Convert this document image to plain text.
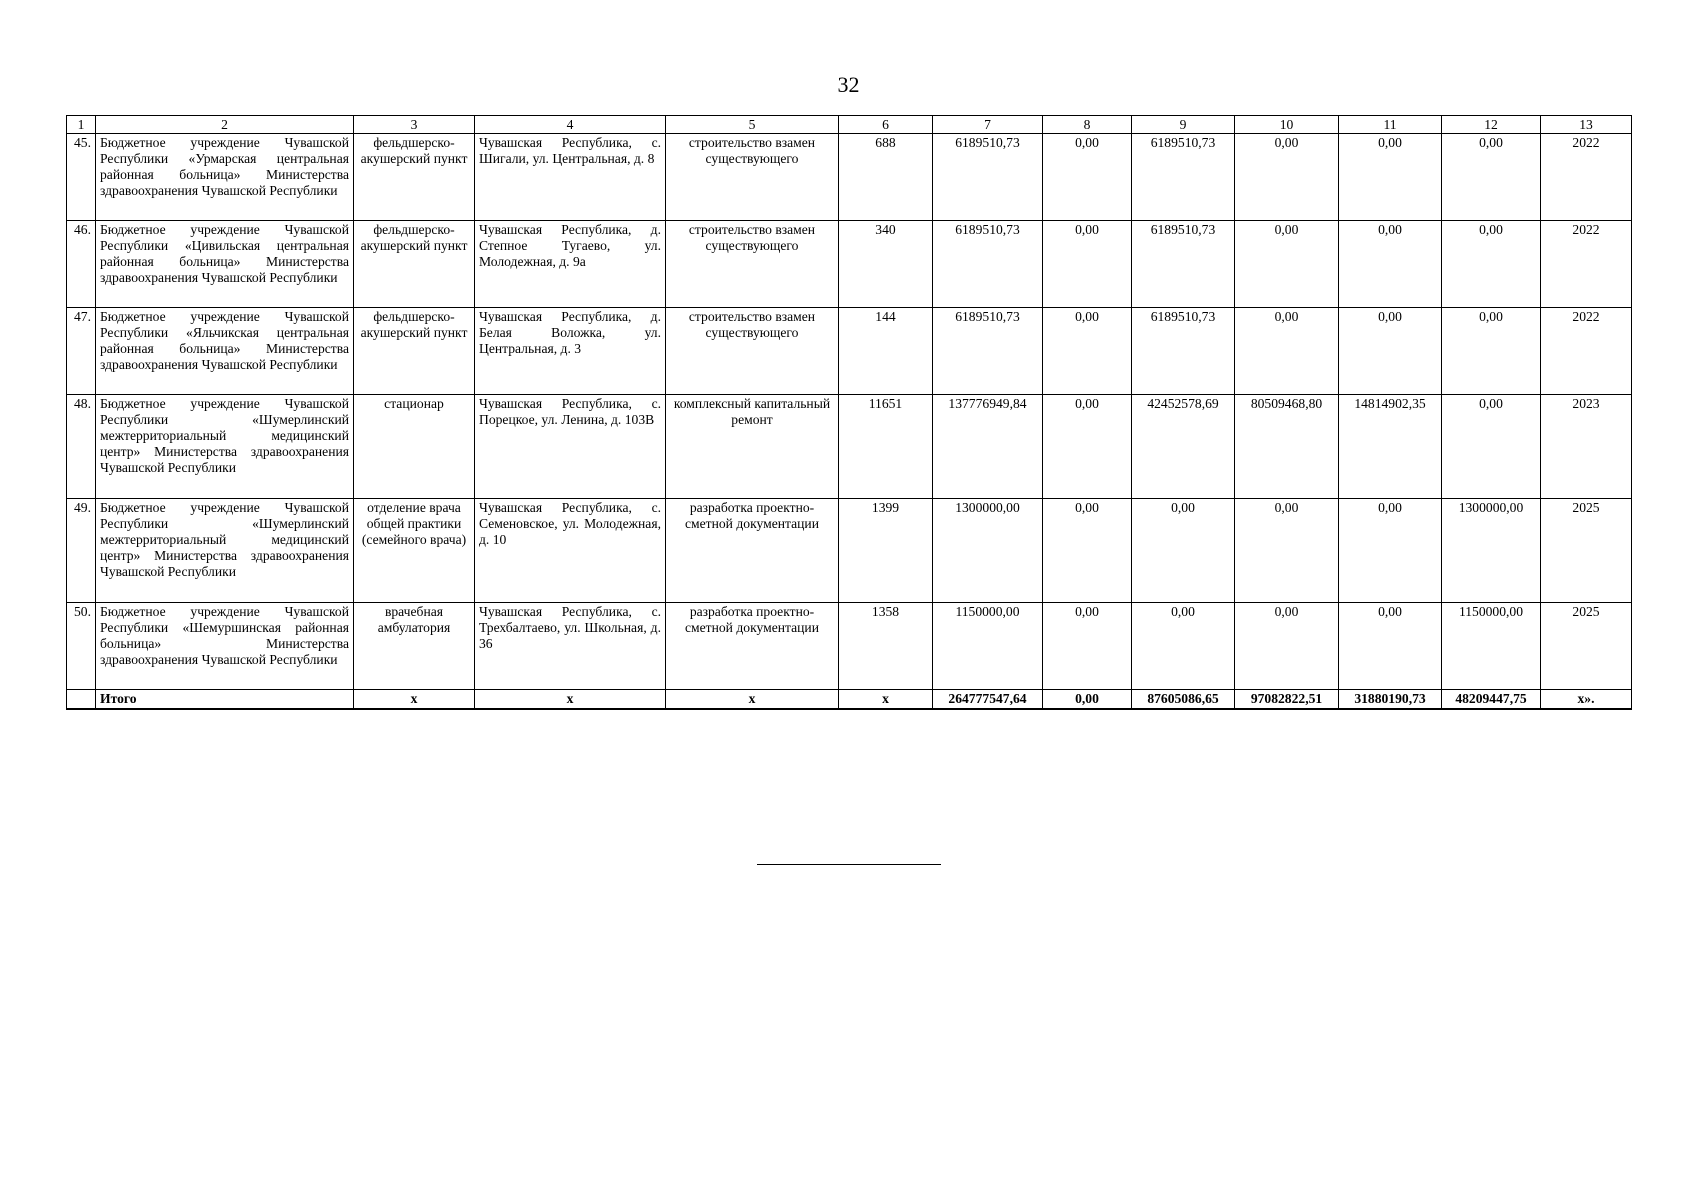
32
1	2	3	4	5	6	7	8	9	10	11	12	13
45.	Бюджетное учреждение Чувашской Республики «Урмарская центральная районная больница» Министерства здравоохранения Чувашской Республики	фельдшерско-акушерский пункт	Чувашская Республика, с. Шигали, ул. Центральная, д. 8	строительство взамен существующего	688	6189510,73	0,00	6189510,73	0,00	0,00	0,00	2022
46.	Бюджетное учреждение Чувашской Республики «Цивильская центральная районная больница» Министерства здравоохранения Чувашской Республики	фельдшерско-акушерский пункт	Чувашская Республика, д. Степное Тугаево, ул. Молодежная, д. 9а	строительство взамен существующего	340	6189510,73	0,00	6189510,73	0,00	0,00	0,00	2022
47.	Бюджетное учреждение Чувашской Республики «Яльчикская центральная районная больница» Министерства здравоохранения Чувашской Республики	фельдшерско-акушерский пункт	Чувашская Республика, д. Белая Воложка, ул. Центральная, д. 3	строительство взамен существующего	144	6189510,73	0,00	6189510,73	0,00	0,00	0,00	2022
48.	Бюджетное учреждение Чувашской Республики «Шумерлинский межтерриториальный медицинский центр» Министерства здравоохранения Чувашской Республики	стационар	Чувашская Республика, с. Порецкое, ул. Ленина, д. 103В	комплексный капитальный ремонт	11651	137776949,84	0,00	42452578,69	80509468,80	14814902,35	0,00	2023
49.	Бюджетное учреждение Чувашской Республики «Шумерлинский межтерриториальный медицинский центр» Министерства здравоохранения Чувашской Республики	отделение врача общей практики (семейного врача)	Чувашская Республика, с. Семеновское, ул. Молодежная, д. 10	разработка проектно-сметной документации	1399	1300000,00	0,00	0,00	0,00	0,00	1300000,00	2025
50.	Бюджетное учреждение Чувашской Республики «Шемуршинская районная больница» Министерства здравоохранения Чувашской Республики	врачебная амбулатория	Чувашская Республика, с. Трехбалтаево, ул. Школьная, д. 36	разработка проектно-сметной документации	1358	1150000,00	0,00	0,00	0,00	0,00	1150000,00	2025
	Итого	х	х	х	х	264777547,64	0,00	87605086,65	97082822,51	31880190,73	48209447,75	х».
